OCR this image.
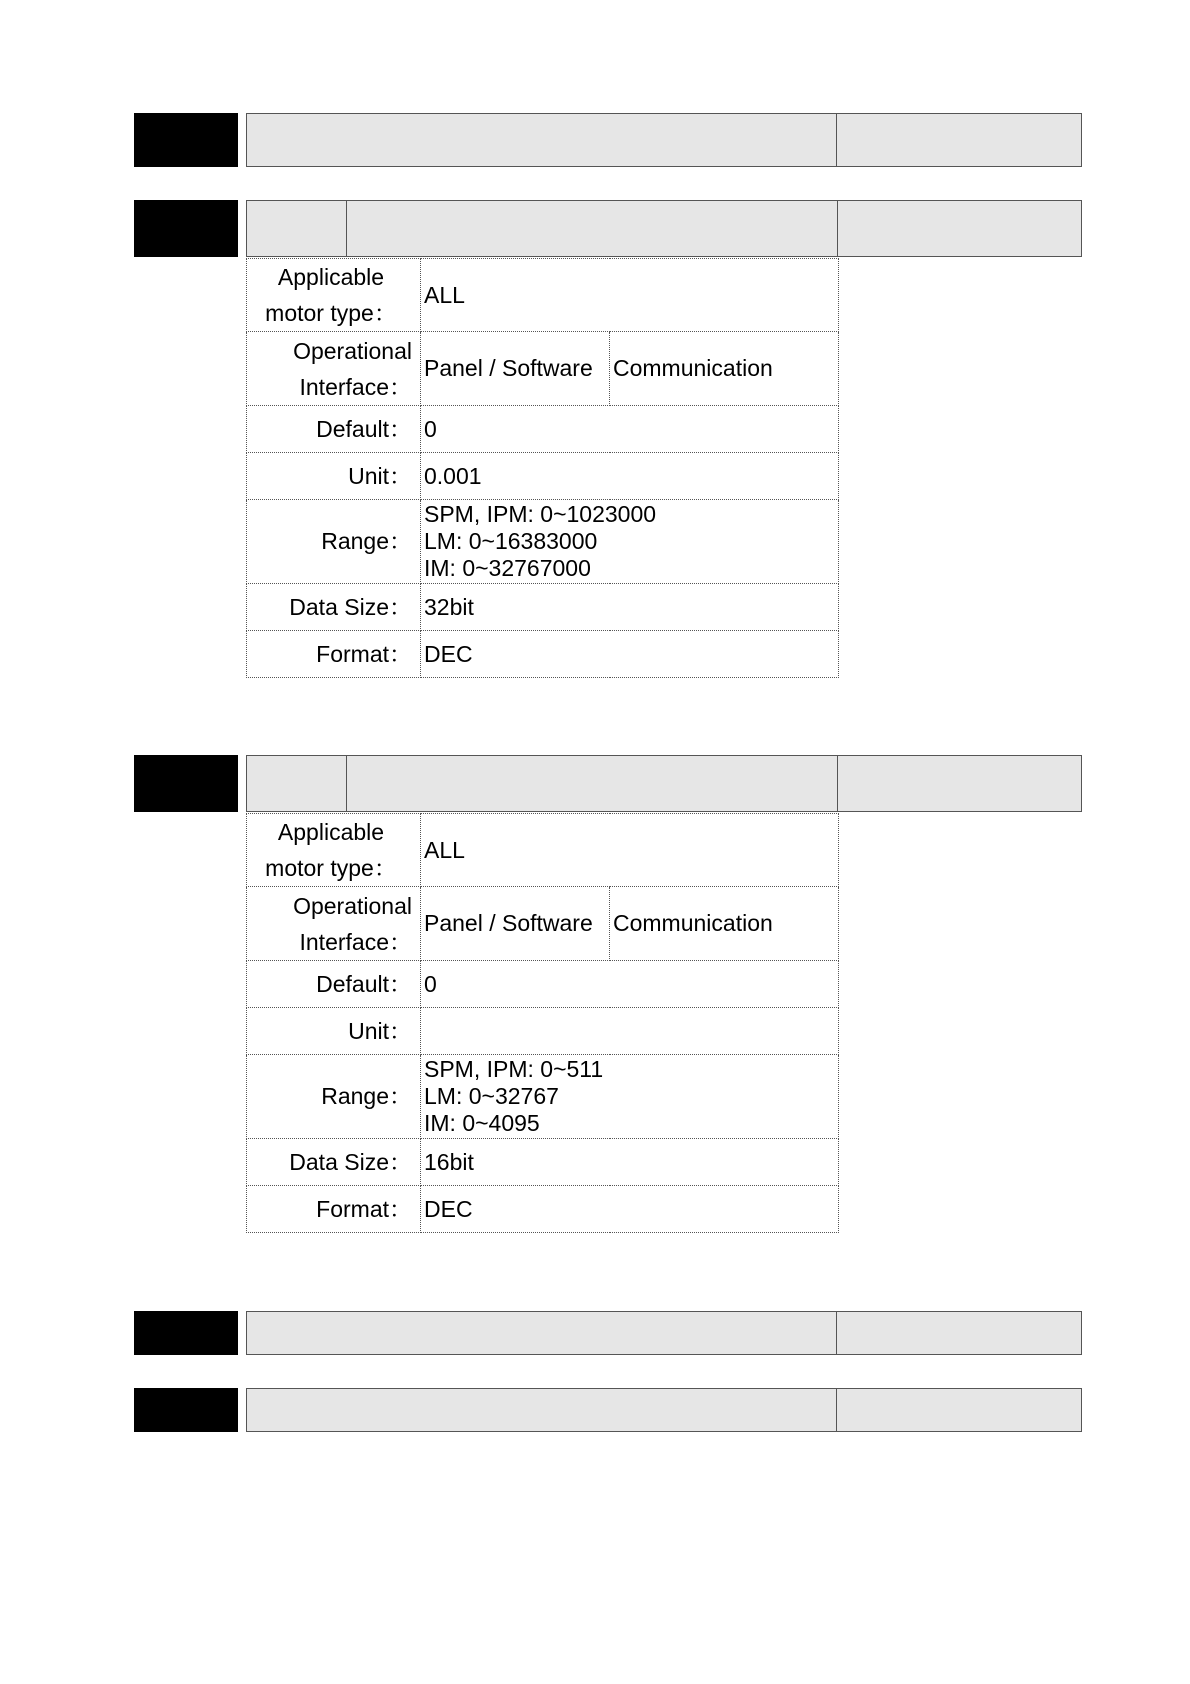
Applicable
motor type：	ALL	

Operational
Interface：	Panel / Software	Communication
Default：	0	
Unit：	0.001	
Range：	SPM, IPM: 0~1023000
LM: 0~16383000
IM: 0~32767000	

Data Size：	32bit	
Format：	DEC	
Applicable
motor type：	ALL	

Operational
Interface：	Panel / Software	Communication
Default：	0	
Unit：		
Range：	SPM, IPM: 0~511
LM: 0~32767
IM: 0~4095	

Data Size：	16bit	
Format：	DEC	
